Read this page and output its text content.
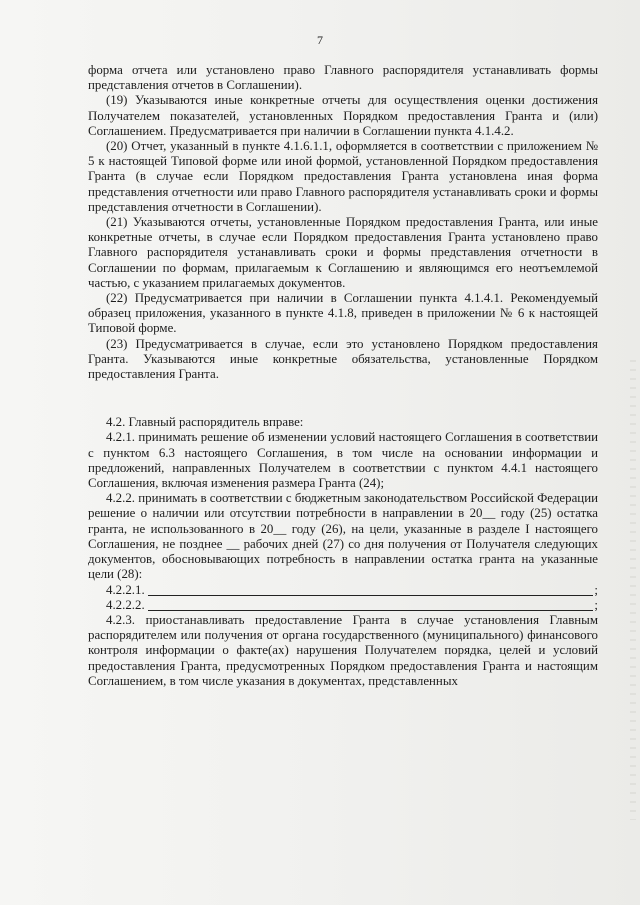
7

форма отчета или установлено право Главного распорядителя устанавливать формы представления отчетов в Соглашении).

(19) Указываются иные конкретные отчеты для осуществления оценки достижения Получателем показателей, установленных Порядком предоставления Гранта и (или) Соглашением. Предусматривается при наличии в Соглашении пункта 4.1.4.2.

(20) Отчет, указанный в пункте 4.1.6.1.1, оформляется в соответствии с приложением № 5 к настоящей Типовой форме или иной формой, установленной Порядком предоставления Гранта (в случае если Порядком предоставления Гранта установлена иная форма представления отчетности или право Главного распорядителя устанавливать сроки и формы представления отчетности в Соглашении).

(21) Указываются отчеты, установленные Порядком предоставления Гранта, или иные конкретные отчеты, в случае если Порядком предоставления Гранта установлено право Главного распорядителя устанавливать сроки и формы представления отчетности в Соглашении по формам, прилагаемым к Соглашению и являющимся его неотъемлемой частью, с указанием прилагаемых документов.

(22) Предусматривается при наличии в Соглашении пункта 4.1.4.1. Рекомендуемый образец приложения, указанного в пункте 4.1.8, приведен в приложении № 6 к настоящей Типовой форме.

(23) Предусматривается в случае, если это установлено Порядком предоставления Гранта. Указываются иные конкретные обязательства, установленные Порядком предоставления Гранта.

4.2. Главный распорядитель вправе:

4.2.1. принимать решение об изменении условий настоящего Соглашения в соответствии с пунктом 6.3 настоящего Соглашения, в том числе на основании информации и предложений, направленных Получателем в соответствии с пунктом 4.4.1 настоящего Соглашения, включая изменения размера Гранта (24);

4.2.2. принимать в соответствии с бюджетным законодательством Российской Федерации решение о наличии или отсутствии потребности в направлении в 20__ году (25) остатка гранта, не использованного в 20__ году (26), на цели, указанные в разделе I настоящего Соглашения, не позднее __ рабочих дней (27) со дня получения от Получателя следующих документов, обосновывающих потребность в направлении остатка гранта на указанные цели (28):

4.2.2.1.	;
4.2.2.2.	;

4.2.3. приостанавливать предоставление Гранта в случае установления Главным распорядителем или получения от органа государственного (муниципального) финансового контроля информации о факте(ах) нарушения Получателем порядка, целей и условий предоставления Гранта, предусмотренных Порядком предоставления Гранта и настоящим Соглашением, в том числе указания в документах, представленных
